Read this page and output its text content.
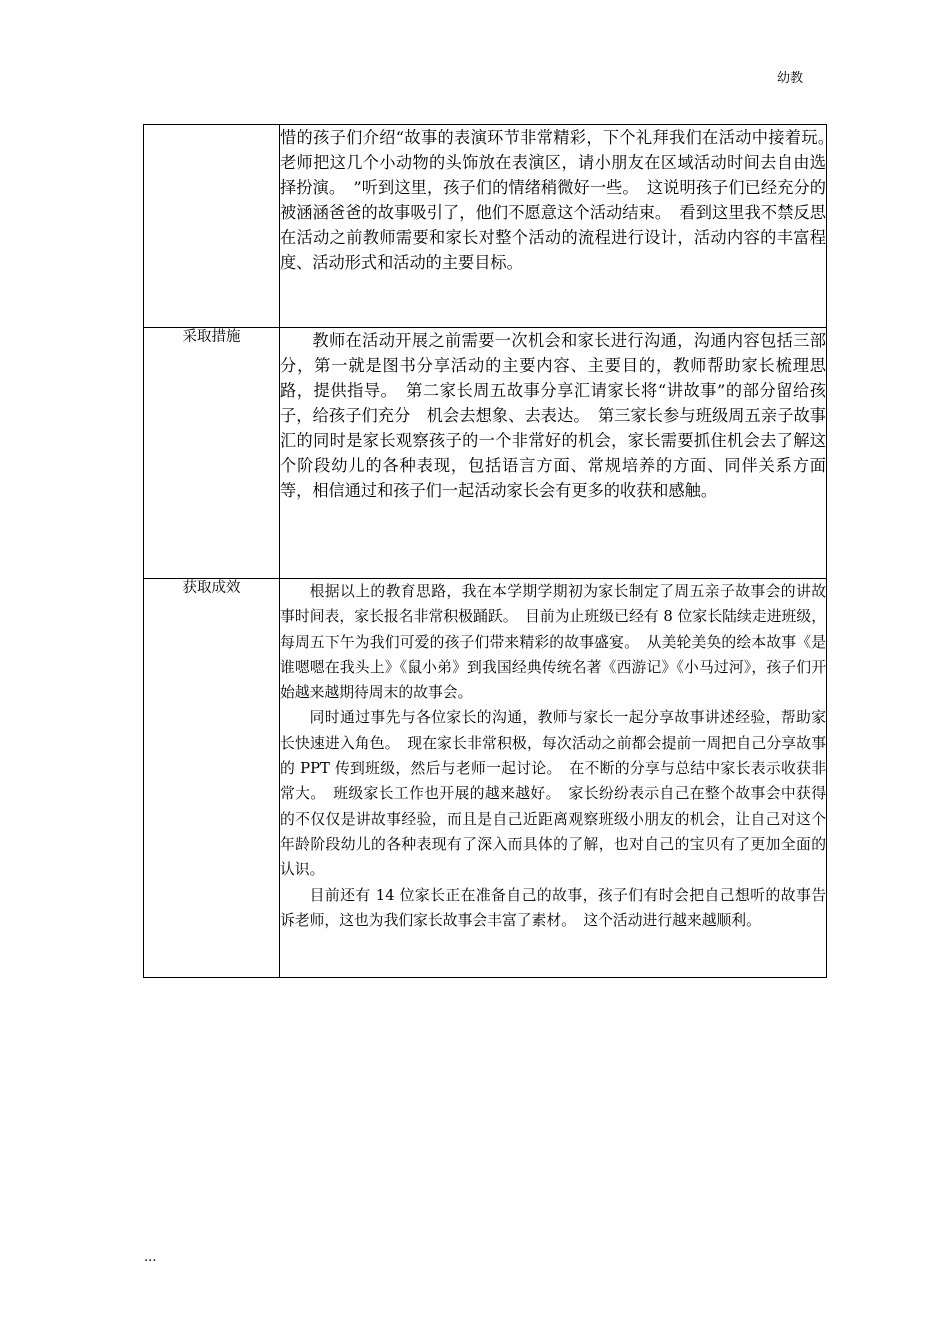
幼教

	惜的孩子们介绍“故事的表演环节非常精彩，下个礼拜我们在活动中接着玩。　老师把这几个小动物的头饰放在表演区，请小朋友在区域活动时间去自由选择扮演。　”听到这里，孩子们的情绪稍微好一些。　这说明孩子们已经充分的被涵涵爸爸的故事吸引了，他们不愿意这个活动结束。　看到这里我不禁反思在活动之前教师需要和家长对整个活动的流程进行设计，活动内容的丰富程度、活动形式和活动的主要目标。

采取措施	教师在活动开展之前需要一次机会和家长进行沟通，沟通内容包括三部分，第一就是图书分享活动的主要内容、主要目的，教师帮助家长梳理思路，提供指导。　第二家长周五故事分享汇请家长将“讲故事”的部分留给孩子，给孩子们充分　机会去想象、去表达。　第三家长参与班级周五亲子故事汇的同时是家长观察孩子的一个非常好的机会，家长需要抓住机会去了解这个阶段幼儿的各种表现，包括语言方面、常规培养的方面、同伴关系方面等，相信通过和孩子们一起活动家长会有更多的收获和感触。

获取成效	根据以上的教育思路，我在本学期学期初为家长制定了周五亲子故事会的讲故事时间表，家长报名非常积极踊跃。　目前为止班级已经有 8 位家长陆续走进班级，每周五下午为我们可爱的孩子们带来精彩的故事盛宴。　从美轮美奂的绘本故事《是谁嗯嗯在我头上》《鼠小弟》到我国经典传统名著《西游记》《小马过河》，孩子们开始越来越期待周末的故事会。

同时通过事先与各位家长的沟通，教师与家长一起分享故事讲述经验，帮助家长快速进入角色。　现在家长非常积极，每次活动之前都会提前一周把自己分享故事的 PPT 传到班级，然后与老师一起讨论。　在不断的分享与总结中家长表示收获非常大。　班级家长工作也开展的越来越好。　家长纷纷表示自己在整个故事会中获得的不仅仅是讲故事经验，而且是自己近距离观察班级小朋友的机会，让自己对这个年龄阶段幼儿的各种表现有了深入而具体的了解，也对自己的宝贝有了更加全面的认识。

目前还有 14 位家长正在准备自己的故事，孩子们有时会把自己想听的故事告诉老师，这也为我们家长故事会丰富了素材。　这个活动进行越来越顺利。

...
